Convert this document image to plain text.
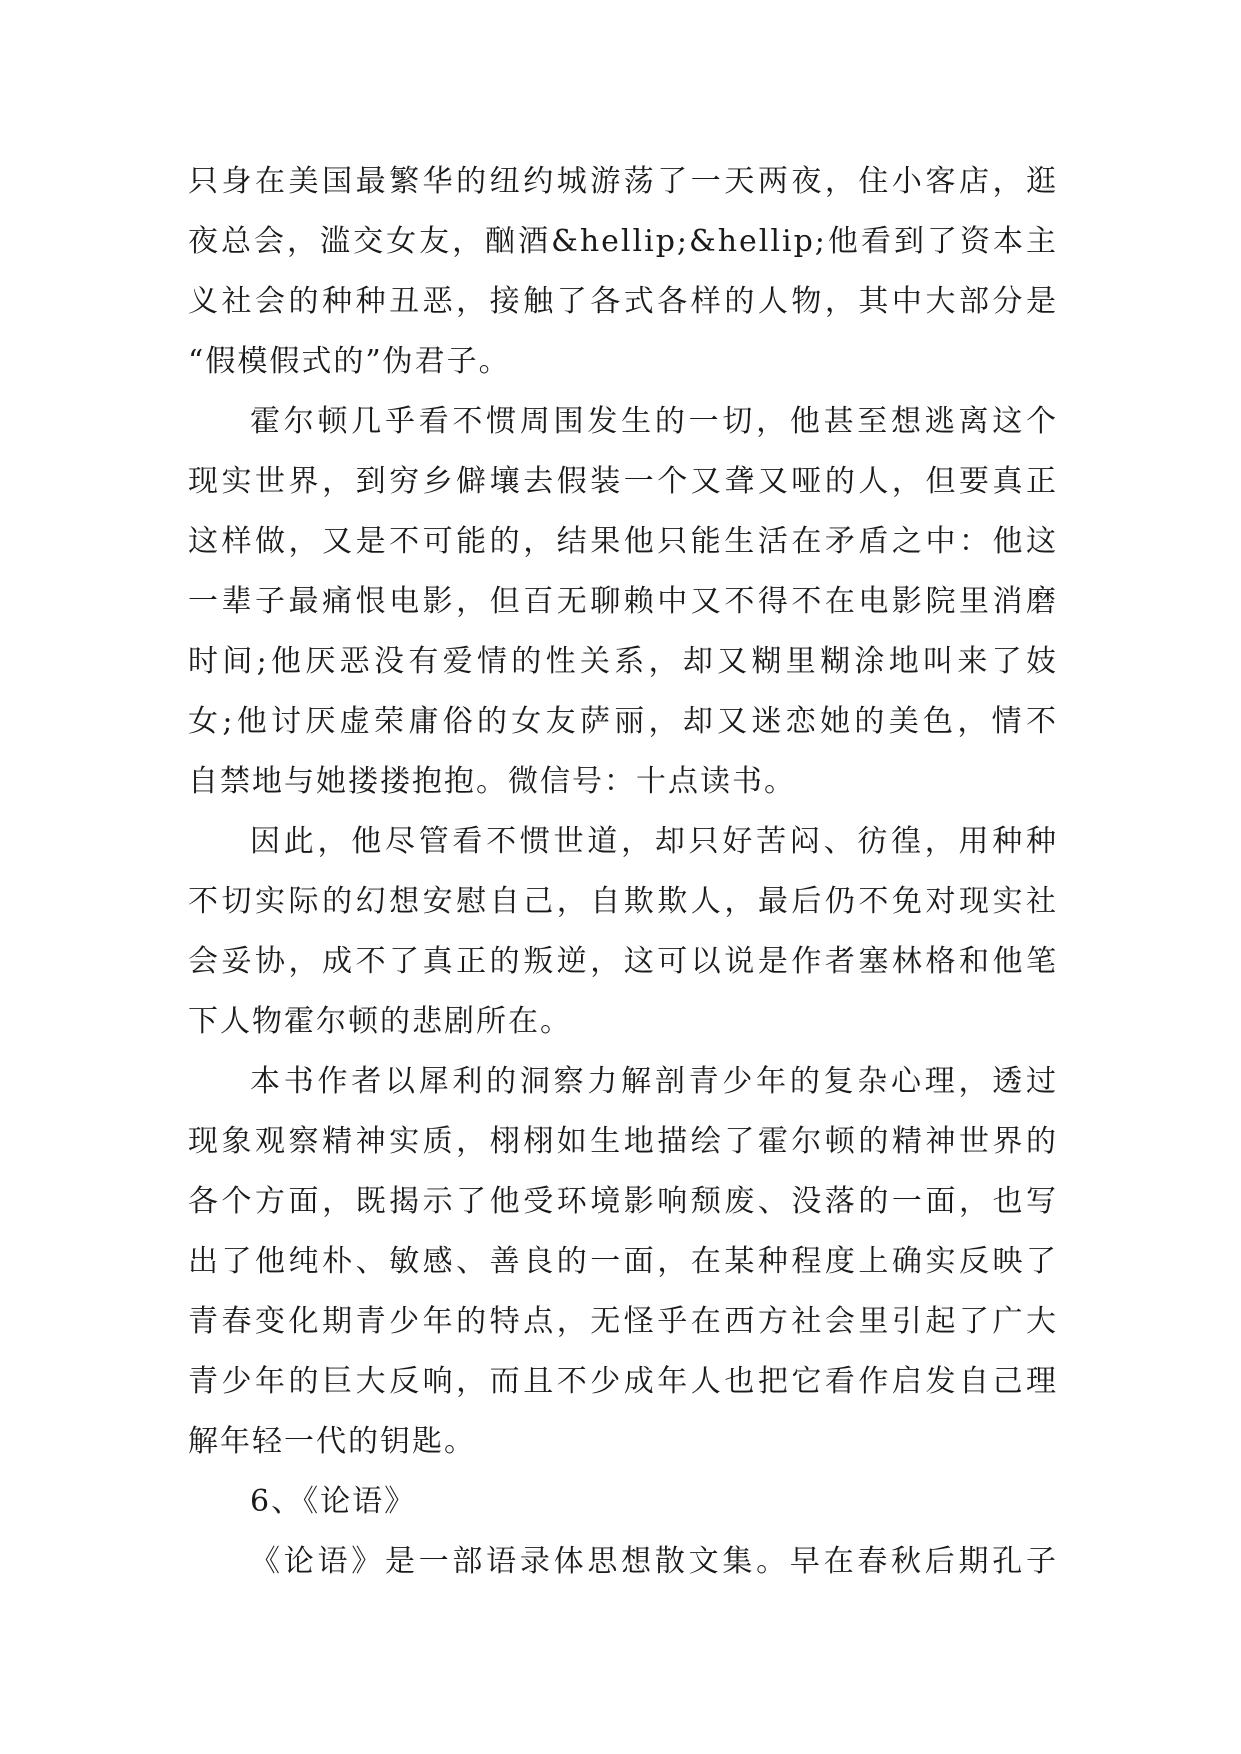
只身在美国最繁华的纽约城游荡了一天两夜，住小客店，逛
夜总会，滥交女友，酗酒&hellip;&hellip;他看到了资本主
义社会的种种丑恶，接触了各式各样的人物，其中大部分是
“假模假式的”伪君子。
霍尔顿几乎看不惯周围发生的一切，他甚至想逃离这个
现实世界，到穷乡僻壤去假装一个又聋又哑的人，但要真正
这样做，又是不可能的，结果他只能生活在矛盾之中：他这
一辈子最痛恨电影，但百无聊赖中又不得不在电影院里消磨
时间;他厌恶没有爱情的性关系，却又糊里糊涂地叫来了妓
女;他讨厌虚荣庸俗的女友萨丽，却又迷恋她的美色，情不
自禁地与她搂搂抱抱。微信号：十点读书。
因此，他尽管看不惯世道，却只好苦闷、彷徨，用种种
不切实际的幻想安慰自己，自欺欺人，最后仍不免对现实社
会妥协，成不了真正的叛逆，这可以说是作者塞林格和他笔
下人物霍尔顿的悲剧所在。
本书作者以犀利的洞察力解剖青少年的复杂心理，透过
现象观察精神实质，栩栩如生地描绘了霍尔顿的精神世界的
各个方面，既揭示了他受环境影响颓废、没落的一面，也写
出了他纯朴、敏感、善良的一面，在某种程度上确实反映了
青春变化期青少年的特点，无怪乎在西方社会里引起了广大
青少年的巨大反响，而且不少成年人也把它看作启发自己理
解年轻一代的钥匙。
6、《论语》
《论语》是一部语录体思想散文集。早在春秋后期孔子
